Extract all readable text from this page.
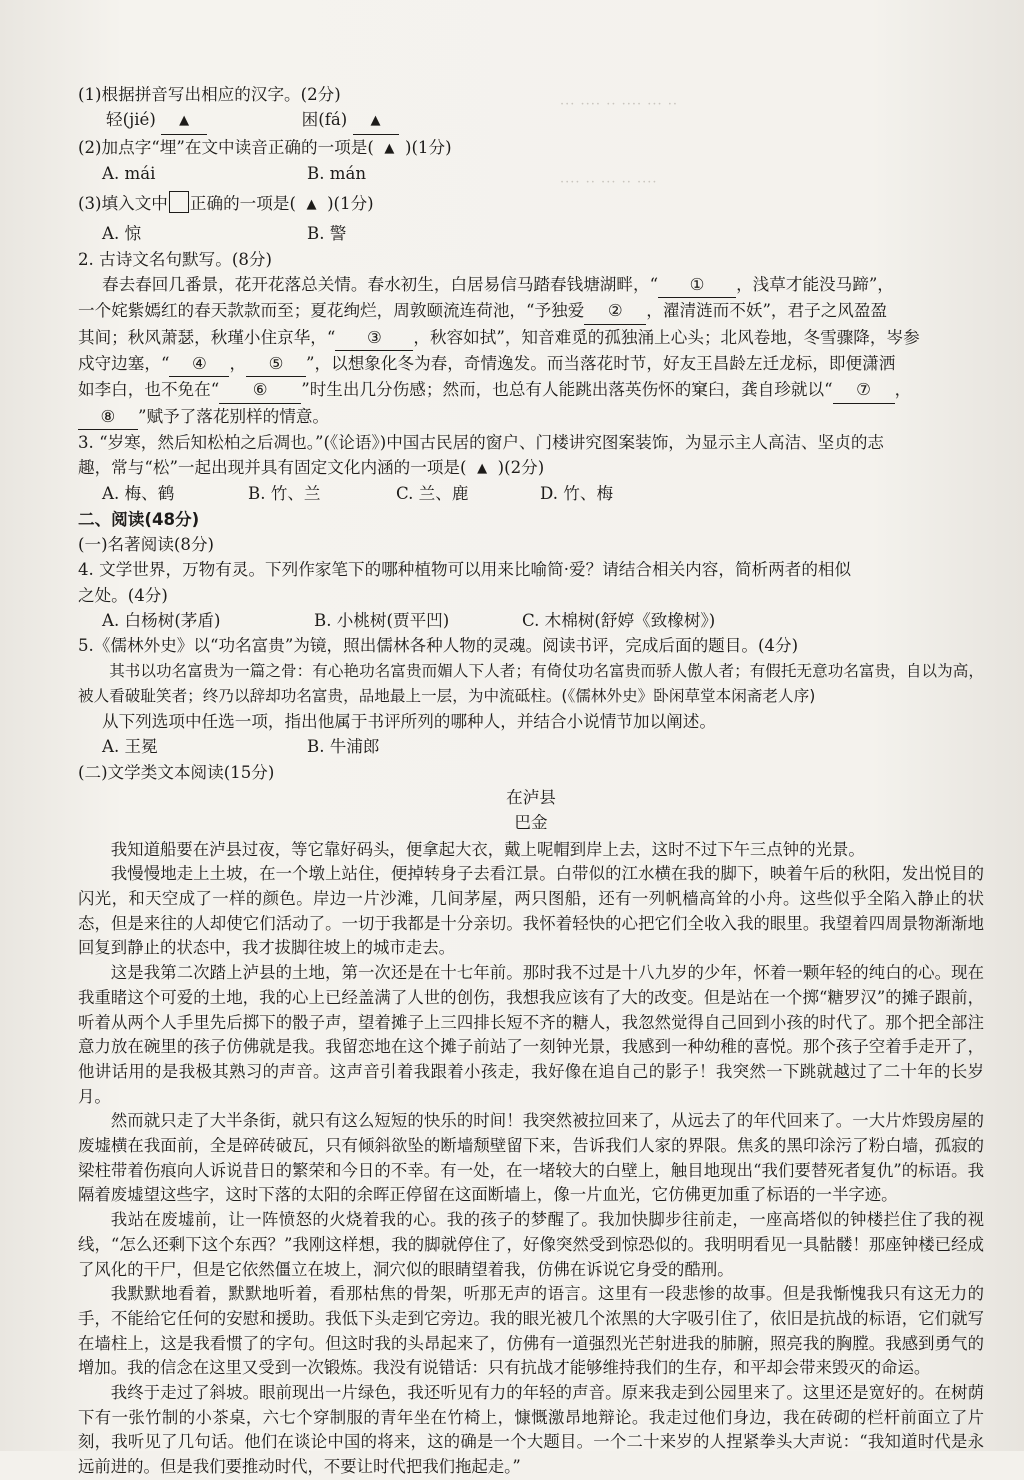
··· ···· ·· ···· ··· ··
···· ·· ··· ·· ····
(1)根据拼音写出相应的汉字。(2分)
轻(jié) ▲	困(fá) ▲
(2)加点字“埋”在文中读音正确的一项是( ▲ )(1分)
A. mái	B. mán
(3)填入文中 正确的一项是( ▲ )(1分)
A. 惊	B. 警
2. 古诗文名句默写。(8分)
春去春回几番景，花开花落总关情。春水初生，白居易信马踏春钱塘湖畔，“ ① ，浅草才能没马蹄”，
一个姹紫嫣红的春天款款而至；夏花绚烂，周敦颐流连荷池，“予独爱 ② ，濯清涟而不妖”，君子之风盈盈
其间；秋风萧瑟，秋瑾小住京华，“ ③ ，秋容如拭”，知音难觅的孤独涌上心头；北风卷地，冬雪骤降，岑参
戍守边塞，“ ④ ， ⑤ ”，以想象化冬为春，奇情逸发。而当落花时节，好友王昌龄左迁龙标，即便潇洒
如李白，也不免在“ ⑥ ”时生出几分伤感；然而，也总有人能跳出落英伤怀的窠臼，龚自珍就以“ ⑦ ，
⑧ ”赋予了落花别样的情意。
3. “岁寒，然后知松柏之后凋也。”(《论语》)中国古民居的窗户、门楼讲究图案装饰，为显示主人高洁、坚贞的志
趣，常与“松”一起出现并具有固定文化内涵的一项是( ▲ )(2分)
A. 梅、鹤	B. 竹、兰	C. 兰、鹿	D. 竹、梅
二、阅读(48分)
(一)名著阅读(8分)
4. 文学世界，万物有灵。下列作家笔下的哪种植物可以用来比喻简·爱？请结合相关内容，简析两者的相似
之处。(4分)
A. 白杨树(茅盾)	B. 小桃树(贾平凹)	C. 木棉树(舒婷《致橡树》)
5.《儒林外史》以“功名富贵”为镜，照出儒林各种人物的灵魂。阅读书评，完成后面的题目。(4分)
其书以功名富贵为一篇之骨：有心艳功名富贵而媚人下人者；有倚仗功名富贵而骄人傲人者；有假托无意功名富贵，自以为高，被人看破耻笑者；终乃以辞却功名富贵，品地最上一层，为中流砥柱。(《儒林外史》卧闲草堂本闲斋老人序)
从下列选项中任选一项，指出他属于书评所列的哪种人，并结合小说情节加以阐述。
A. 王冕	B. 牛浦郎
(二)文学类文本阅读(15分)
在泸县
巴金

我知道船要在泸县过夜，等它靠好码头，便拿起大衣，戴上呢帽到岸上去，这时不过下午三点钟的光景。

我慢慢地走上土坡，在一个墩上站住，便掉转身子去看江景。白带似的江水横在我的脚下，映着午后的秋阳，发出悦目的闪光，和天空成了一样的颜色。岸边一片沙滩，几间茅屋，两只图船，还有一列帆樯高耸的小舟。这些似乎全陷入静止的状态，但是来往的人却使它们活动了。一切于我都是十分亲切。我怀着轻快的心把它们全收入我的眼里。我望着四周景物渐渐地回复到静止的状态中，我才拔脚往坡上的城市走去。

这是我第二次踏上泸县的土地，第一次还是在十七年前。那时我不过是十八九岁的少年，怀着一颗年轻的纯白的心。现在我重睹这个可爱的土地，我的心上已经盖满了人世的创伤，我想我应该有了大的改变。但是站在一个掷“糖罗汉”的摊子跟前，听着从两个人手里先后掷下的骰子声，望着摊子上三四排长短不齐的糖人，我忽然觉得自己回到小孩的时代了。那个把全部注意力放在碗里的孩子仿佛就是我。我留恋地在这个摊子前站了一刻钟光景，我感到一种幼稚的喜悦。那个孩子空着手走开了，他讲话用的是我极其熟习的声音。这声音引着我跟着小孩走，我好像在追自己的影子！我突然一下跳就越过了二十年的长岁月。

然而就只走了大半条街，就只有这么短短的快乐的时间！我突然被拉回来了，从远去了的年代回来了。一大片炸毁房屋的废墟横在我面前，全是碎砖破瓦，只有倾斜欲坠的断墙颓壁留下来，告诉我们人家的界限。焦炙的黑印涂污了粉白墙，孤寂的梁柱带着伤痕向人诉说昔日的繁荣和今日的不幸。有一处，在一堵较大的白壁上，触目地现出“我们要替死者复仇”的标语。我隔着废墟望这些字，这时下落的太阳的余晖正停留在这面断墙上，像一片血光，它仿佛更加重了标语的一半字迹。

我站在废墟前，让一阵愤怒的火烧着我的心。我的孩子的梦醒了。我加快脚步往前走，一座高塔似的钟楼拦住了我的视线，“怎么还剩下这个东西？”我刚这样想，我的脚就停住了，好像突然受到惊恐似的。我明明看见一具骷髅！那座钟楼已经成了风化的干尸，但是它依然僵立在坡上，洞穴似的眼睛望着我，仿佛在诉说它身受的酷刑。

我默默地看着，默默地听着，看那枯焦的骨架，听那无声的语言。这里有一段悲惨的故事。但是我惭愧我只有这无力的手，不能给它任何的安慰和援助。我低下头走到它旁边。我的眼光被几个浓黑的大字吸引住了，依旧是抗战的标语，它们就写在墙柱上，这是我看惯了的字句。但这时我的头昂起来了，仿佛有一道强烈光芒射进我的肺腑，照亮我的胸膛。我感到勇气的增加。我的信念在这里又受到一次锻炼。我没有说错话：只有抗战才能够维持我们的生存，和平却会带来毁灭的命运。

我终于走过了斜坡。眼前现出一片绿色，我还听见有力的年轻的声音。原来我走到公园里来了。这里还是宽好的。在树荫下有一张竹制的小茶桌，六七个穿制服的青年坐在竹椅上，慷慨激昂地辩论。我走过他们身边，我在砖砌的栏杆前面立了片刻，我听见了几句话。他们在谈论中国的将来，这的确是一个大题目。一个二十来岁的人捏紧拳头大声说：“我知道时代是永远前进的。但是我们要推动时代，不要让时代把我们拖起走。”
